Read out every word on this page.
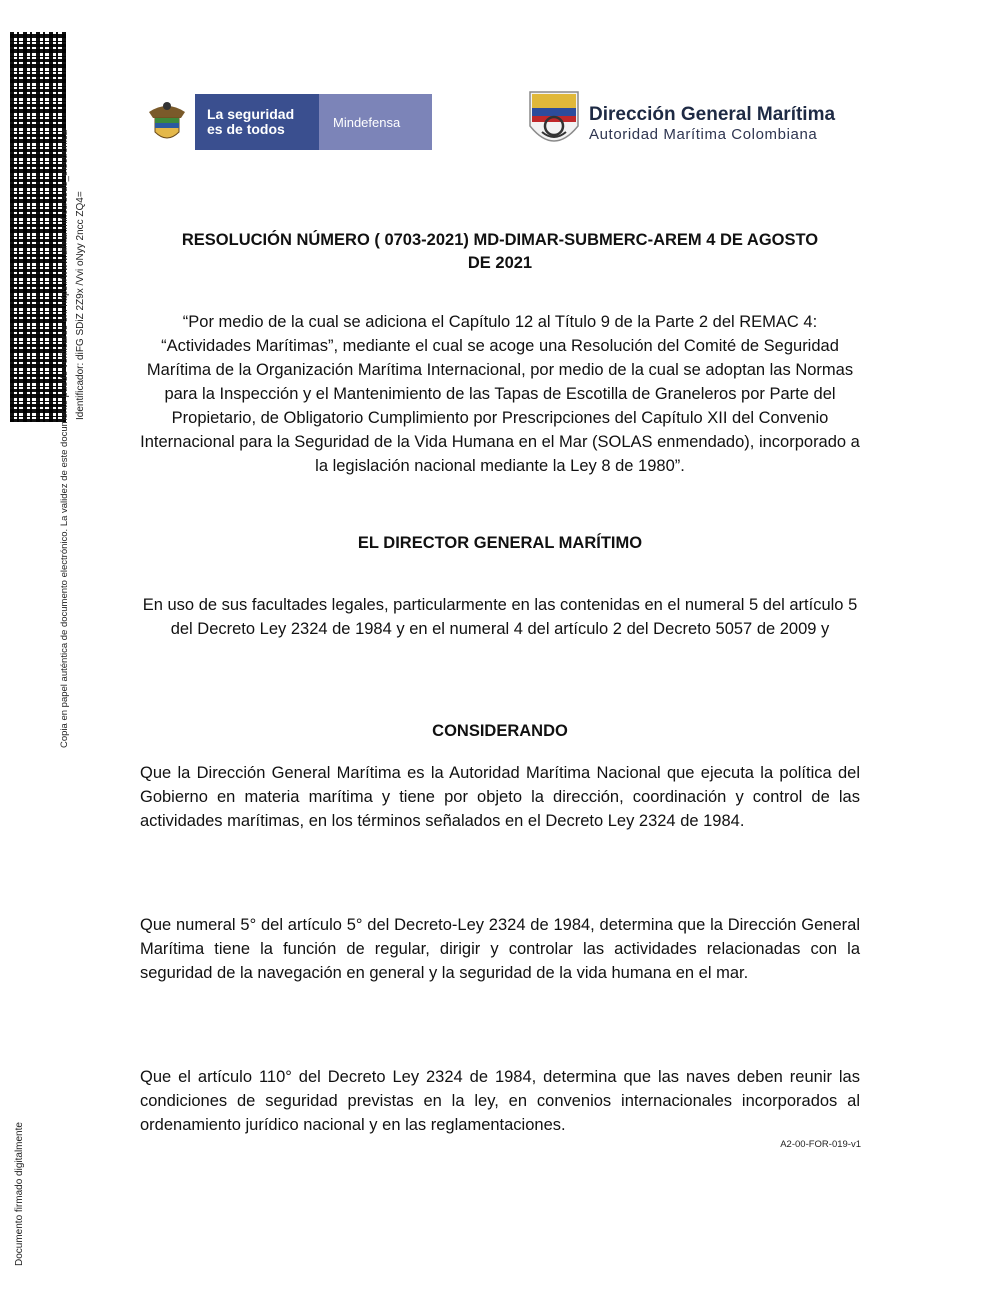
Identificador: diFG SDiZ 2Z9x /Vvi oNyy 2ncc ZQ4=
Copia en papel auténtica de documento electrónico. La validez de este documento puede verificarse en: https://www.dimar.mil.co/sede_electronica
Documento firmado digitalmente
La seguridad
es de todos	Mindefensa	Dirección General Marítima
Autoridad Marítima Colombiana
RESOLUCIÓN NÚMERO ( 0703-2021) MD-DIMAR-SUBMERC-AREM 4 DE AGOSTO
DE 2021
“Por medio de la cual se adiciona el Capítulo 12 al Título 9 de la Parte 2 del REMAC 4: “Actividades Marítimas”, mediante el cual se acoge una Resolución del Comité de Seguridad Marítima de la Organización Marítima Internacional, por medio de la cual se adoptan las Normas para la Inspección y el Mantenimiento de las Tapas de Escotilla de Graneleros por Parte del Propietario, de Obligatorio Cumplimiento por Prescripciones del Capítulo XII del Convenio Internacional para la Seguridad de la Vida Humana en el Mar (SOLAS enmendado), incorporado a la legislación nacional mediante la Ley 8 de 1980”.
EL DIRECTOR GENERAL MARÍTIMO
En uso de sus facultades legales, particularmente en las contenidas en el numeral 5 del artículo 5 del Decreto Ley 2324 de 1984 y en el numeral 4 del artículo 2 del Decreto 5057 de 2009 y
CONSIDERANDO
Que la Dirección General Marítima es la Autoridad Marítima Nacional que ejecuta la política del Gobierno en materia marítima y tiene por objeto la dirección, coordinación y control de las actividades marítimas, en los términos señalados en el Decreto Ley 2324 de 1984.
Que numeral 5° del artículo 5° del Decreto-Ley 2324 de 1984, determina que la Dirección General Marítima tiene la función de regular, dirigir y controlar las actividades relacionadas con la seguridad de la navegación en general y la seguridad de la vida humana en el mar.
Que el artículo 110° del Decreto Ley 2324 de 1984, determina que las naves deben reunir las condiciones de seguridad previstas en la ley, en convenios internacionales incorporados al ordenamiento jurídico nacional y en las reglamentaciones.
A2-00-FOR-019-v1
